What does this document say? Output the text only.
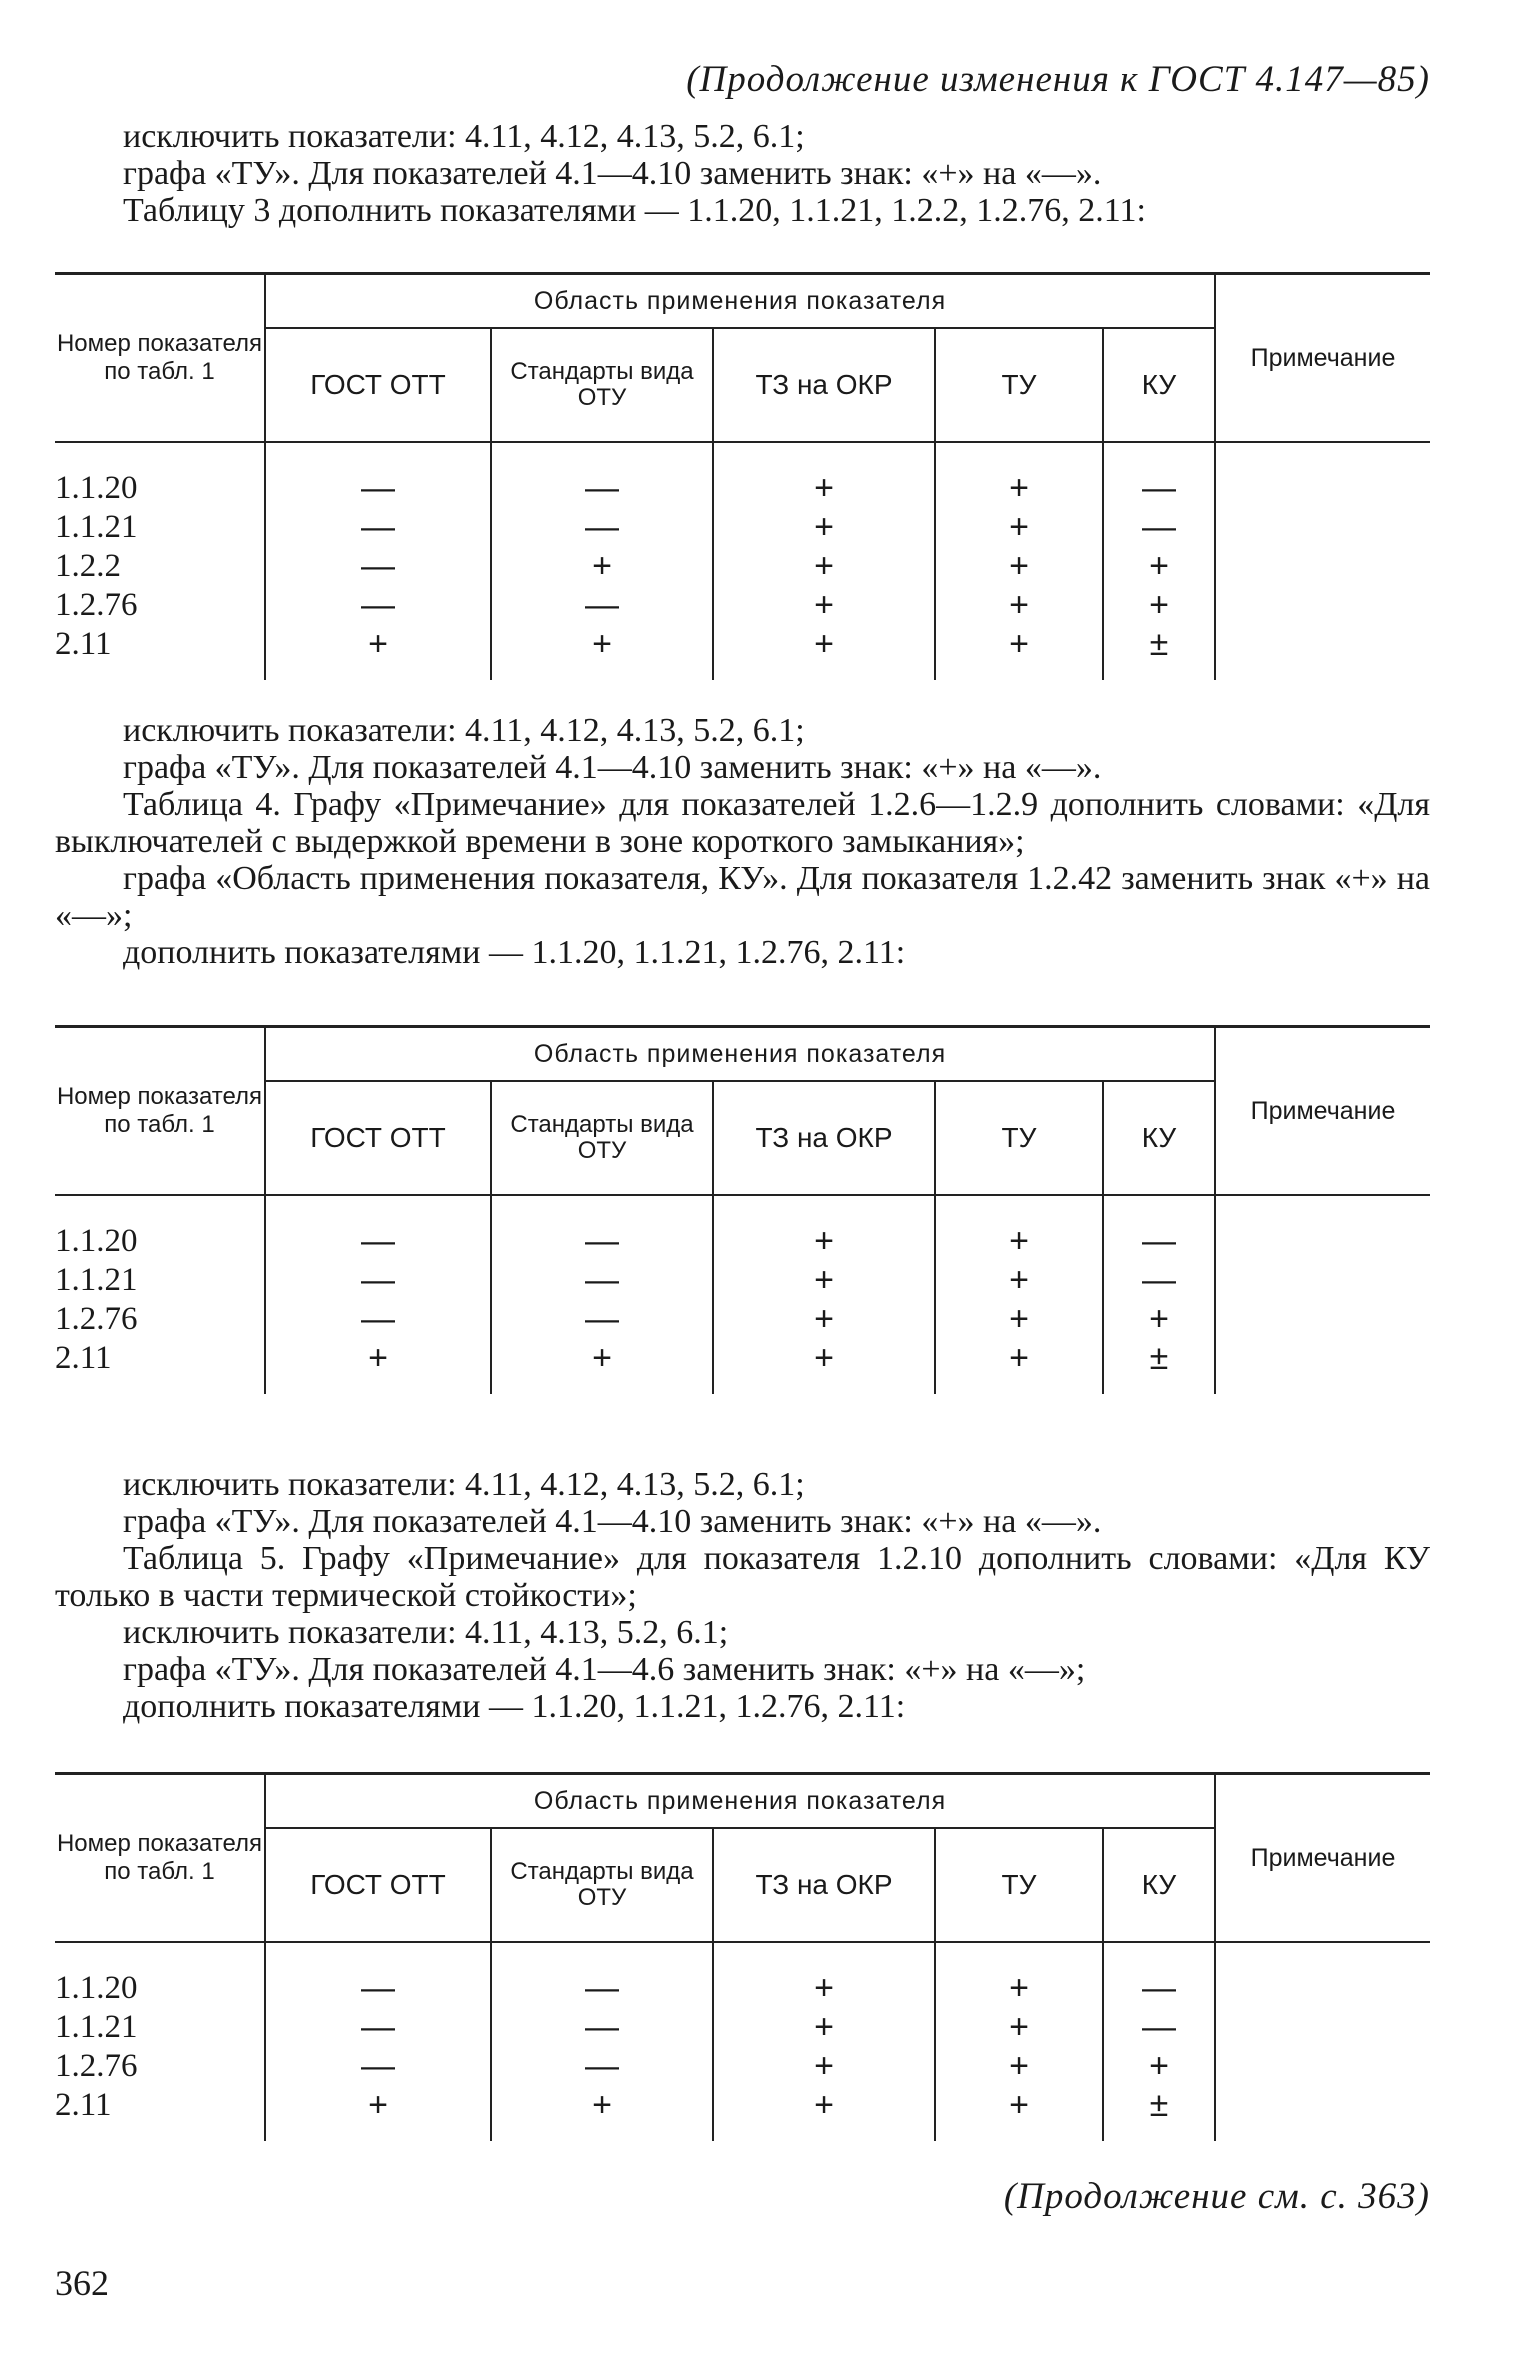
(Продолжение изменения к ГОСТ 4.147—85)

исключить показатели: 4.11, 4.12, 4.13, 5.2, 6.1;

графа «ТУ». Для показателей 4.1—4.10 заменить знак: «+» на «—».

Таблицу 3 дополнить показателями — 1.1.20, 1.1.21, 1.2.2, 1.2.76, 2.11:

Номер показателя по табл. 1	Область применения показателя					Примечание
	ГОСТ ОТТ	Стандарты вида ОТУ	ТЗ на ОКР	ТУ	КУ	
1.1.20	—	—	+	+	—	
1.1.21	—	—	+	+	—	
1.2.2	—	+	+	+	+	
1.2.76	—	—	+	+	+	
2.11	+	+	+	+	±	

исключить показатели: 4.11, 4.12, 4.13, 5.2, 6.1;

графа «ТУ». Для показателей 4.1—4.10 заменить знак: «+» на «—».

Таблица 4. Графу «Примечание» для показателей 1.2.6—1.2.9 дополнить словами: «Для выключателей с выдержкой времени в зоне короткого замыкания»;

графа «Область применения показателя, КУ». Для показателя 1.2.42 заменить знак «+» на «—»;

дополнить показателями — 1.1.20, 1.1.21, 1.2.76, 2.11:

Номер показателя по табл. 1	Область применения показателя					Примечание
	ГОСТ ОТТ	Стандарты вида ОТУ	ТЗ на ОКР	ТУ	КУ	
1.1.20	—	—	+	+	—	
1.1.21	—	—	+	+	—	
1.2.76	—	—	+	+	+	
2.11	+	+	+	+	±	

исключить показатели: 4.11, 4.12, 4.13, 5.2, 6.1;

графа «ТУ». Для показателей 4.1—4.10 заменить знак: «+» на «—».

Таблица 5. Графу «Примечание» для показателя 1.2.10 дополнить словами: «Для КУ только в части термической стойкости»;

исключить показатели: 4.11, 4.13, 5.2, 6.1;

графа «ТУ». Для показателей 4.1—4.6 заменить знак: «+» на «—»;

дополнить показателями — 1.1.20, 1.1.21, 1.2.76, 2.11:

Номер показателя по табл. 1	Область применения показателя					Примечание
	ГОСТ ОТТ	Стандарты вида ОТУ	ТЗ на ОКР	ТУ	КУ	
1.1.20	—	—	+	+	—	
1.1.21	—	—	+	+	—	
1.2.76	—	—	+	+	+	
2.11	+	+	+	+	±	
(Продолжение см. с. 363)
362
